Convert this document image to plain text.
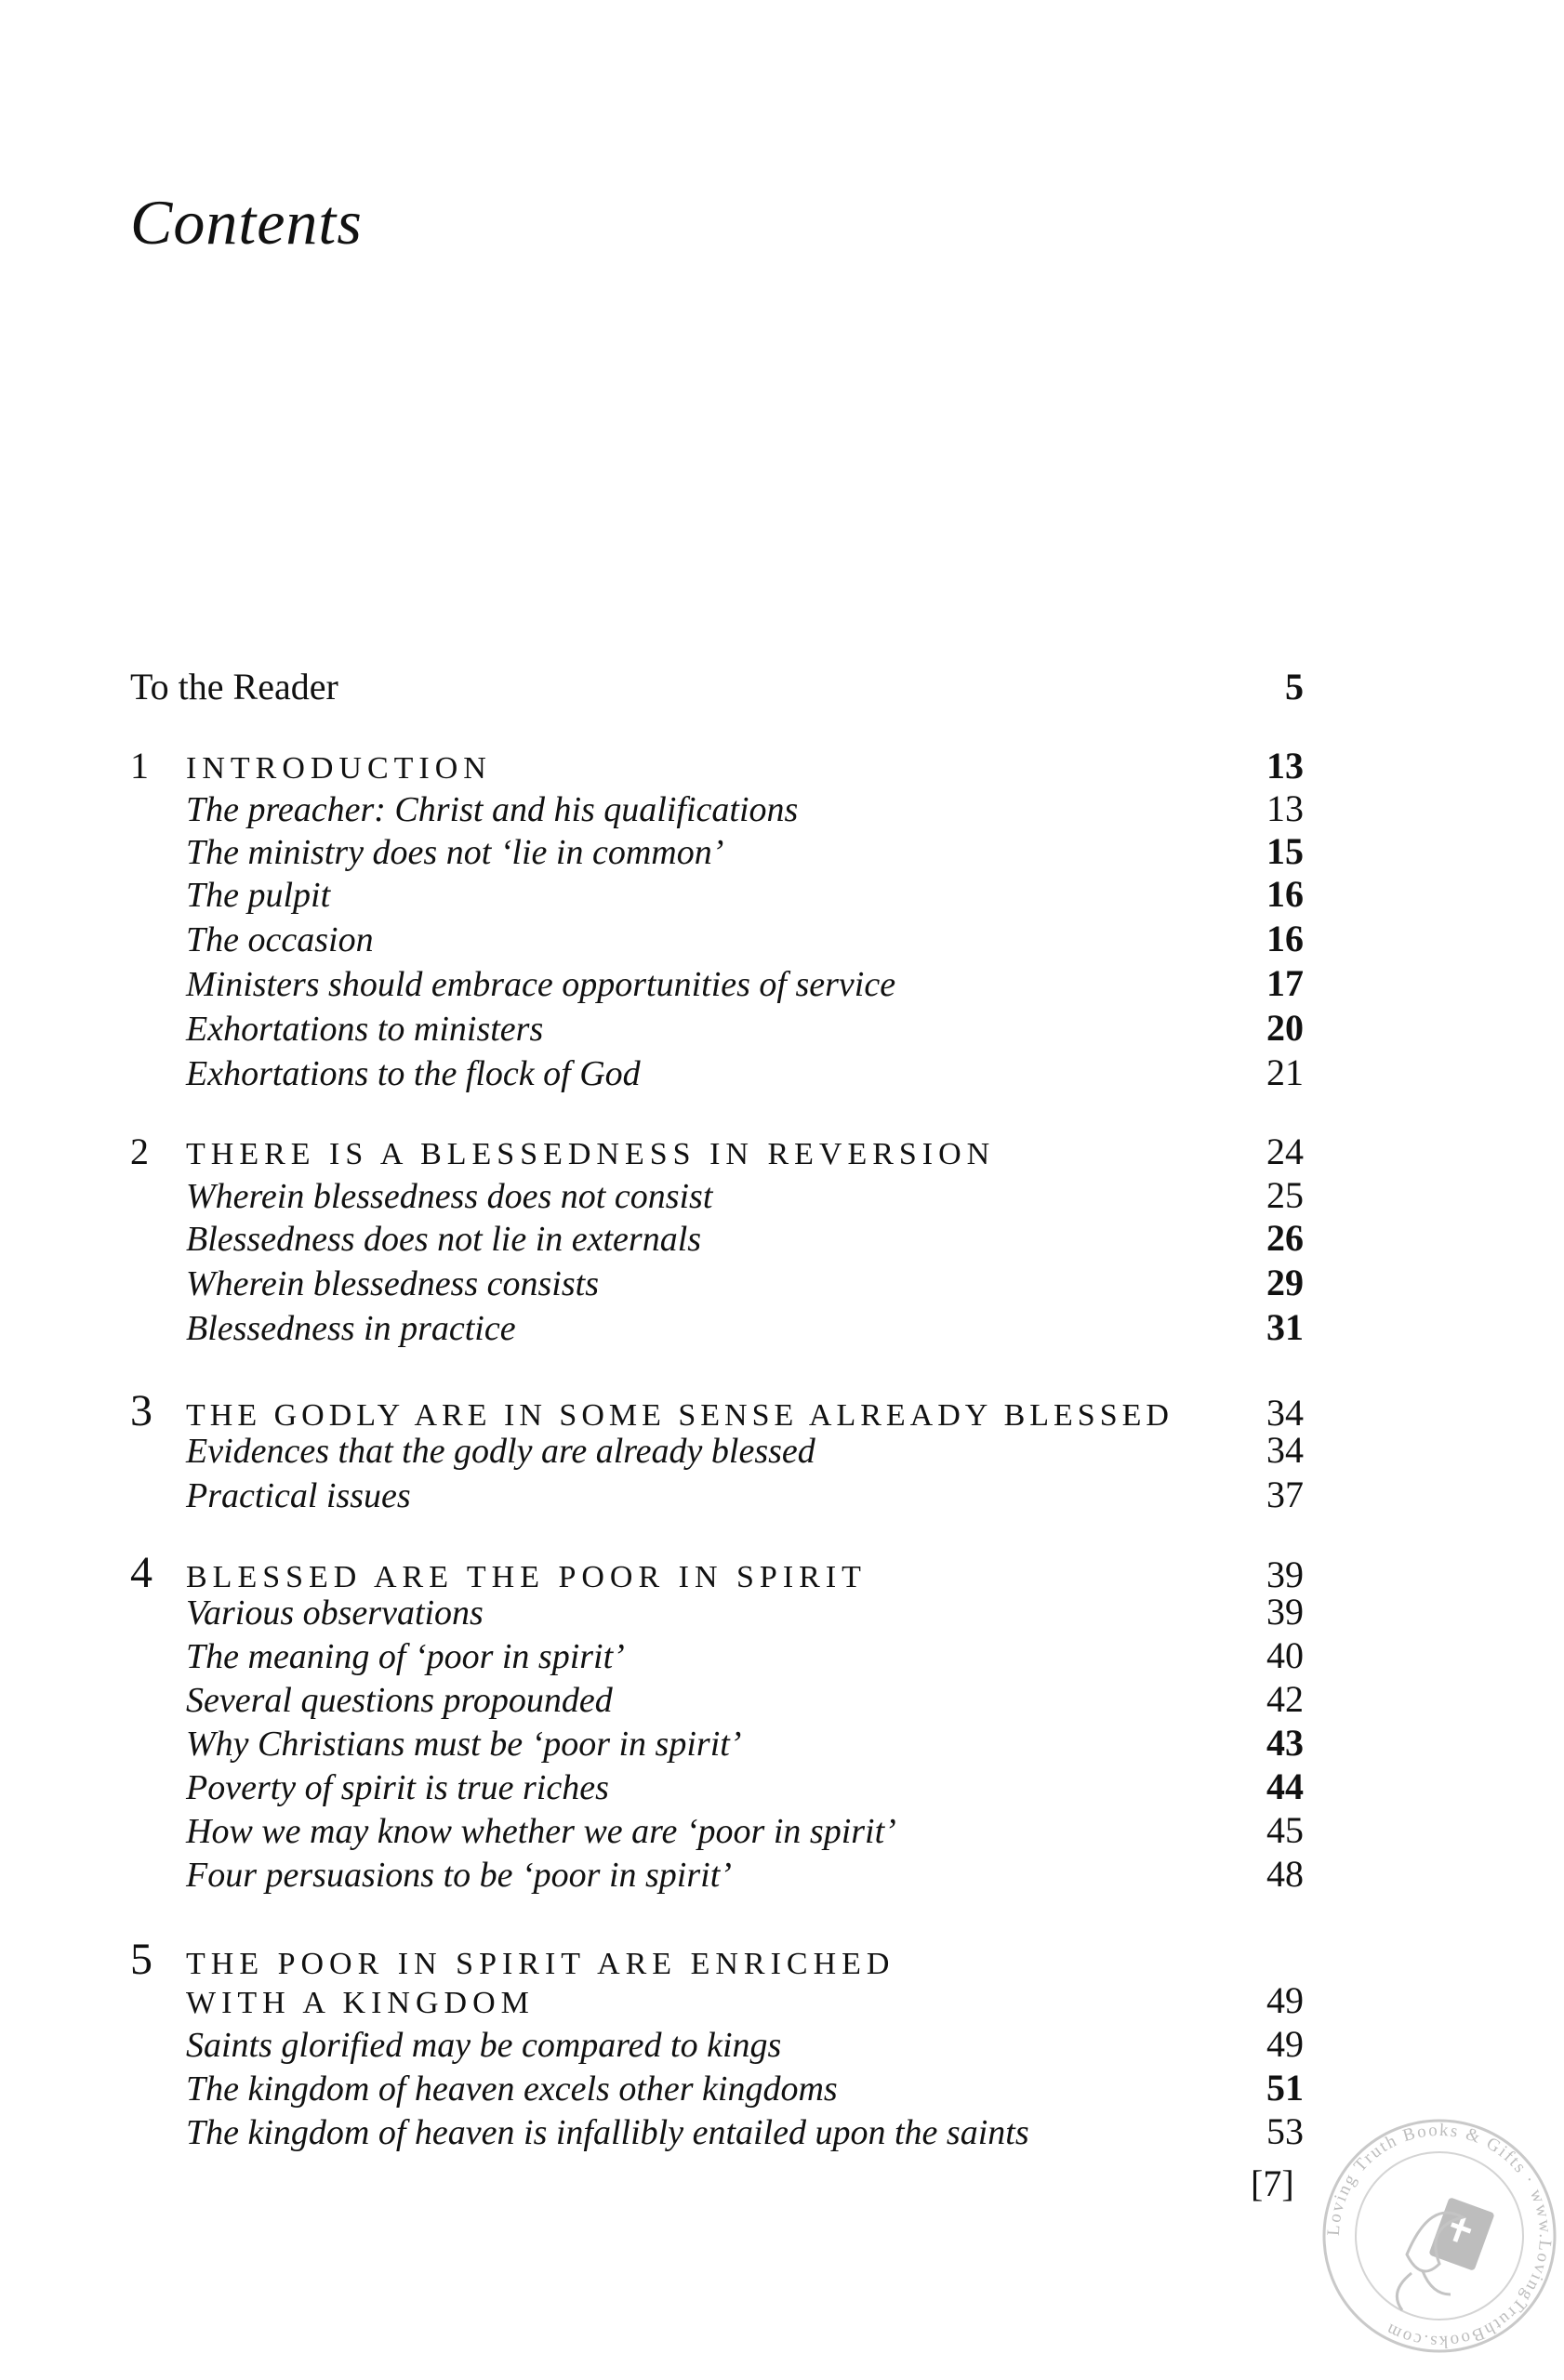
Contents
To the Reader	5
1	INTRODUCTION	13
The preacher: Christ and his qualifications	13
The ministry does not ‘lie in common’	15
The pulpit	16
The occasion	16
Ministers should embrace opportunities of service	17
Exhortations to ministers	20
Exhortations to the flock of God	21
2	THERE IS A BLESSEDNESS IN REVERSION	24
Wherein blessedness does not consist	25
Blessedness does not lie in externals	26
Wherein blessedness consists	29
Blessedness in practice	31
3	THE GODLY ARE IN SOME SENSE ALREADY BLESSED	34
Evidences that the godly are already blessed	34
Practical issues	37
4	BLESSED ARE THE POOR IN SPIRIT	39
Various observations	39
The meaning of ‘poor in spirit’	40
Several questions propounded	42
Why Christians must be ‘poor in spirit’	43
Poverty of spirit is true riches	44
How we may know whether we are ‘poor in spirit’	45
Four persuasions to be ‘poor in spirit’	48
5	THE POOR IN SPIRIT ARE ENRICHED
WITH A KINGDOM	49
Saints glorified may be compared to kings	49
The kingdom of heaven excels other kingdoms	51
The kingdom of heaven is infallibly entailed upon the saints	53
[7]
Loving Truth Books & Gifts · www.LovingTruthBooks.com
